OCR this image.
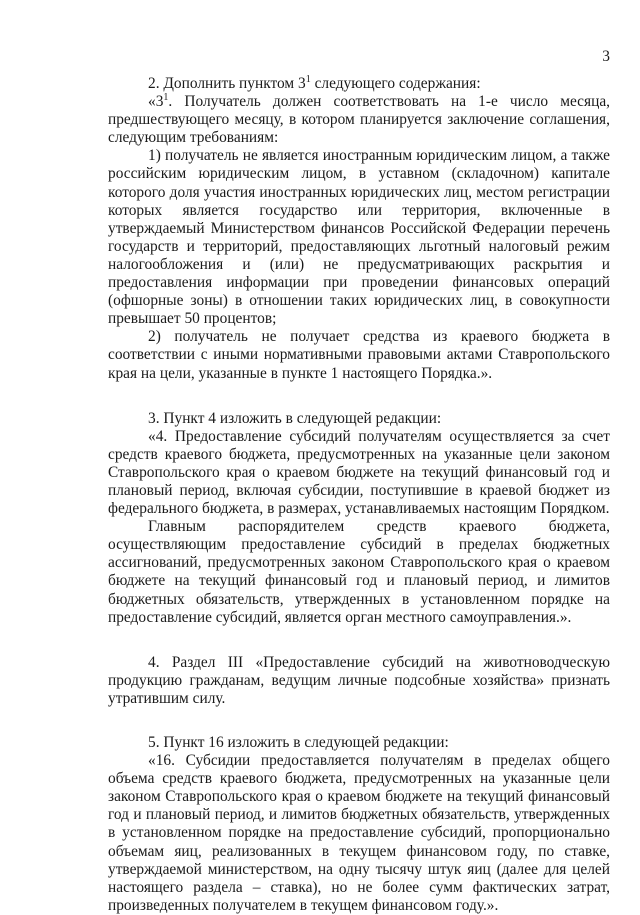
3

2. Дополнить пунктом $3^1$ следующего содержания:

«$3^1$. Получатель должен соответствовать на 1-е число месяца, предшествующего месяцу, в котором планируется заключение соглашения, следующим требованиям:

1) получатель не является иностранным юридическим лицом, а также российским юридическим лицом, в уставном (складочном) капитале которого доля участия иностранных юридических лиц, местом регистрации которых является государство или территория, включенные в утверждаемый Министерством финансов Российской Федерации перечень государств и территорий, предоставляющих льготный налоговый режим налогообложения и (или) не предусматривающих раскрытия и предоставления информации при проведении финансовых операций (офшорные зоны) в отношении таких юридических лиц, в совокупности превышает 50 процентов;

2) получатель не получает средства из краевого бюджета в соответствии с иными нормативными правовыми актами Ставропольского края на цели, указанные в пункте 1 настоящего Порядка.».

3. Пункт 4 изложить в следующей редакции:

«4. Предоставление субсидий получателям осуществляется за счет средств краевого бюджета, предусмотренных на указанные цели законом Ставропольского края о краевом бюджете на текущий финансовый год и плановый период, включая субсидии, поступившие в краевой бюджет из федерального бюджета, в размерах, устанавливаемых настоящим Порядком.

Главным распорядителем средств краевого бюджета, осуществляющим предоставление субсидий в пределах бюджетных ассигнований, предусмотренных законом Ставропольского края о краевом бюджете на текущий финансовый год и плановый период, и лимитов бюджетных обязательств, утвержденных в установленном порядке на предоставление субсидий, является орган местного самоуправления.».

4. Раздел III «Предоставление субсидий на животноводческую продукцию гражданам, ведущим личные подсобные хозяйства» признать утратившим силу.

5. Пункт 16 изложить в следующей редакции:

«16. Субсидии предоставляется получателям в пределах общего объема средств краевого бюджета, предусмотренных на указанные цели законом Ставропольского края о краевом бюджете на текущий финансовый год и плановый период, и лимитов бюджетных обязательств, утвержденных в установленном порядке на предоставление субсидий, пропорционально объемам яиц, реализованных в текущем финансовом году, по ставке, утверждаемой министерством, на одну тысячу штук яиц (далее для целей настоящего раздела – ставка), но не более сумм фактических затрат, произведенных получателем в текущем финансовом году.».
